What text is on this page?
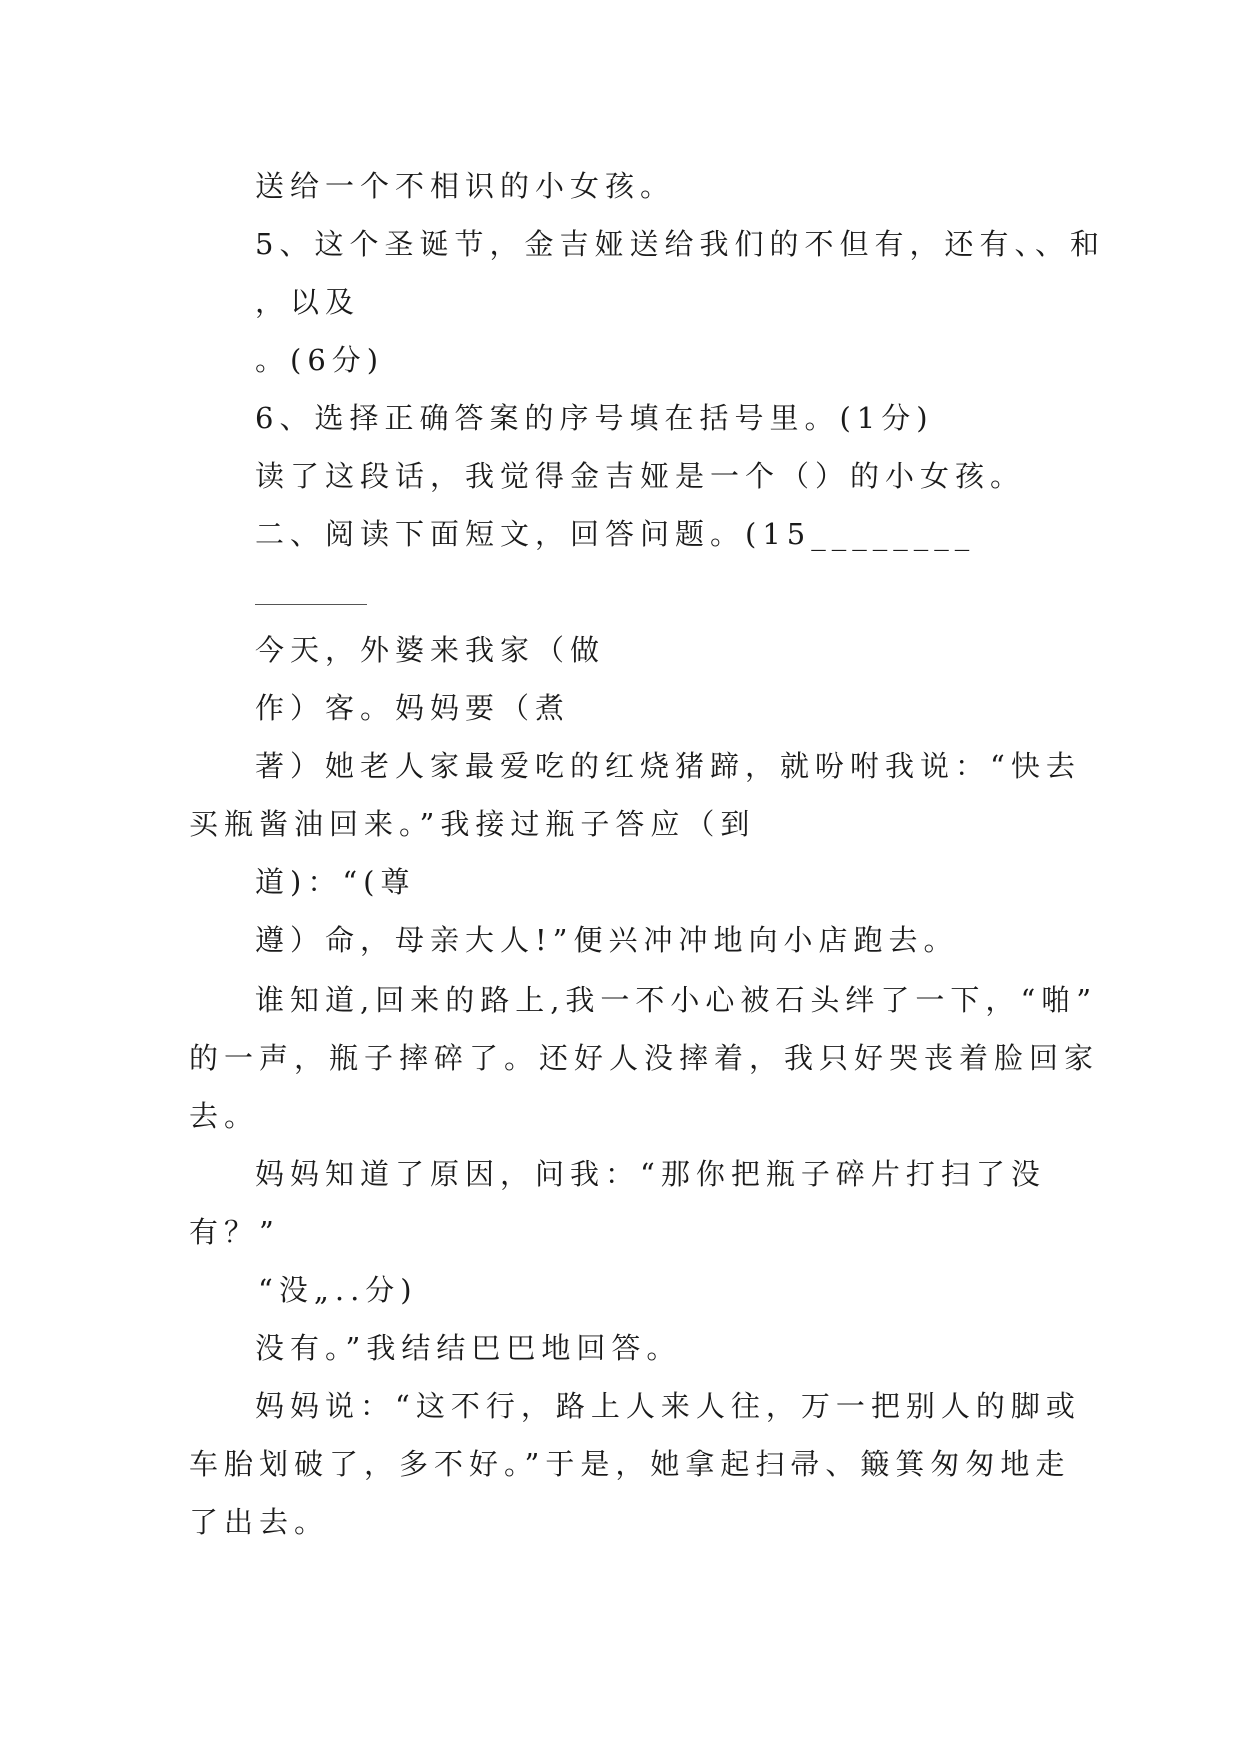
送给一个不相识的小女孩。
5、这个圣诞节，金吉娅送给我们的不但有，还有、、和
，以及
。(6分)
6、选择正确答案的序号填在括号里。(1分)
读了这段话，我觉得金吉娅是一个（）的小女孩。
二、阅读下面短文，回答问题。(15________
今天，外婆来我家（做
作）客。妈妈要（煮
著）她老人家最爱吃的红烧猪蹄，就吩咐我说：“快去
买瓶酱油回来。”我接过瓶子答应（到
道)：“(尊
遵）命，母亲大人!”便兴冲冲地向小店跑去。
谁知道,回来的路上,我一不小心被石头绊了一下，“啪”
的一声，瓶子摔碎了。还好人没摔着，我只好哭丧着脸回家
去。
妈妈知道了原因，问我：“那你把瓶子碎片打扫了没
有？”
“没„..分)
没有。”我结结巴巴地回答。
妈妈说：“这不行，路上人来人往，万一把别人的脚或
车胎划破了，多不好。”于是，她拿起扫帚、簸箕匆匆地走
了出去。
